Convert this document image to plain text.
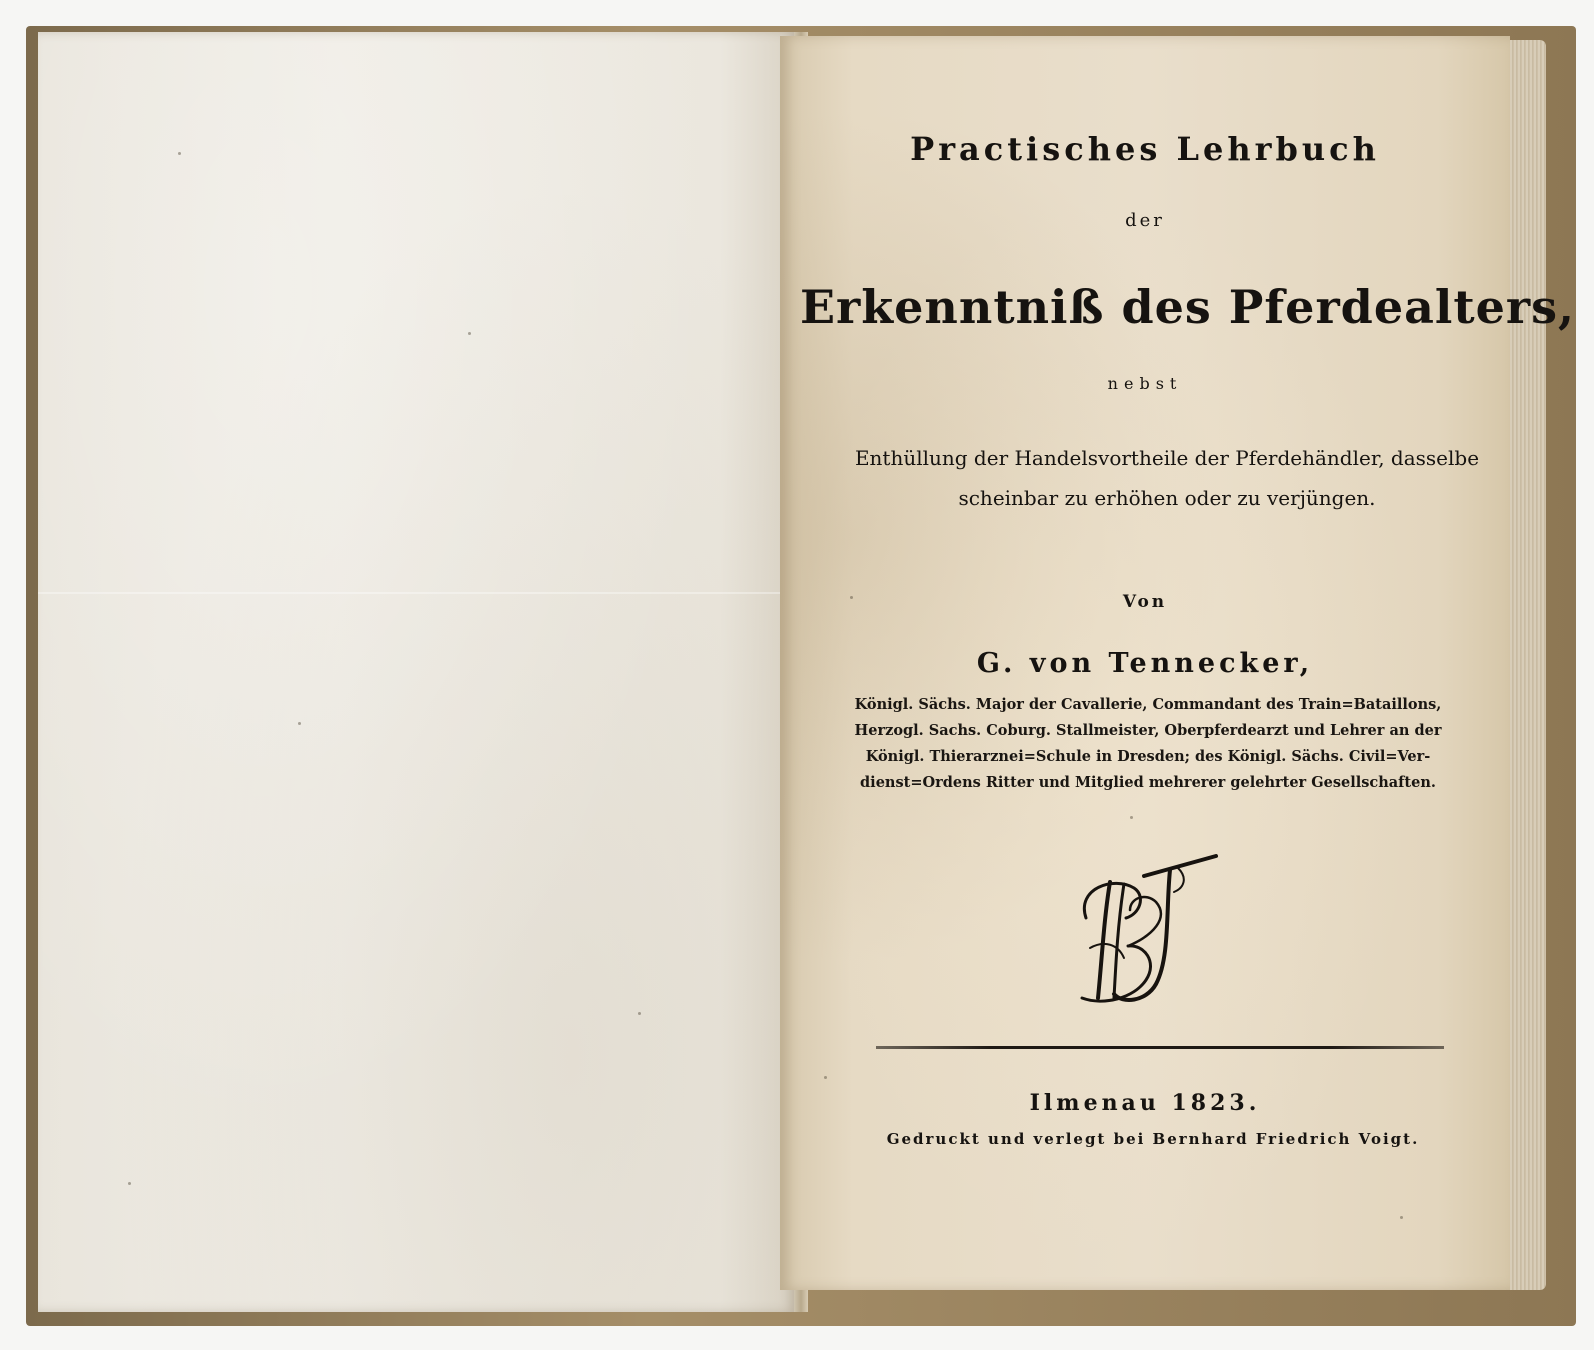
Practisches Lehrbuch
der
Erkenntniß des Pferdealters,
nebst
Enthüllung der Handelsvortheile der Pferdehändler, dasselbe
scheinbar zu erhöhen oder zu verjüngen.
Von
G. von Tennecker,
Königl. Sächs. Major der Cavallerie, Commandant des Train=Bataillons,
Herzogl. Sachs. Coburg. Stallmeister, Oberpferdearzt und Lehrer an der
Königl. Thierarznei=Schule in Dresden; des Königl. Sächs. Civil=Ver-
dienst=Ordens Ritter und Mitglied mehrerer gelehrter Gesellschaften.
Ilmenau 1823.
Gedruckt und verlegt bei Bernhard Friedrich Voigt.
